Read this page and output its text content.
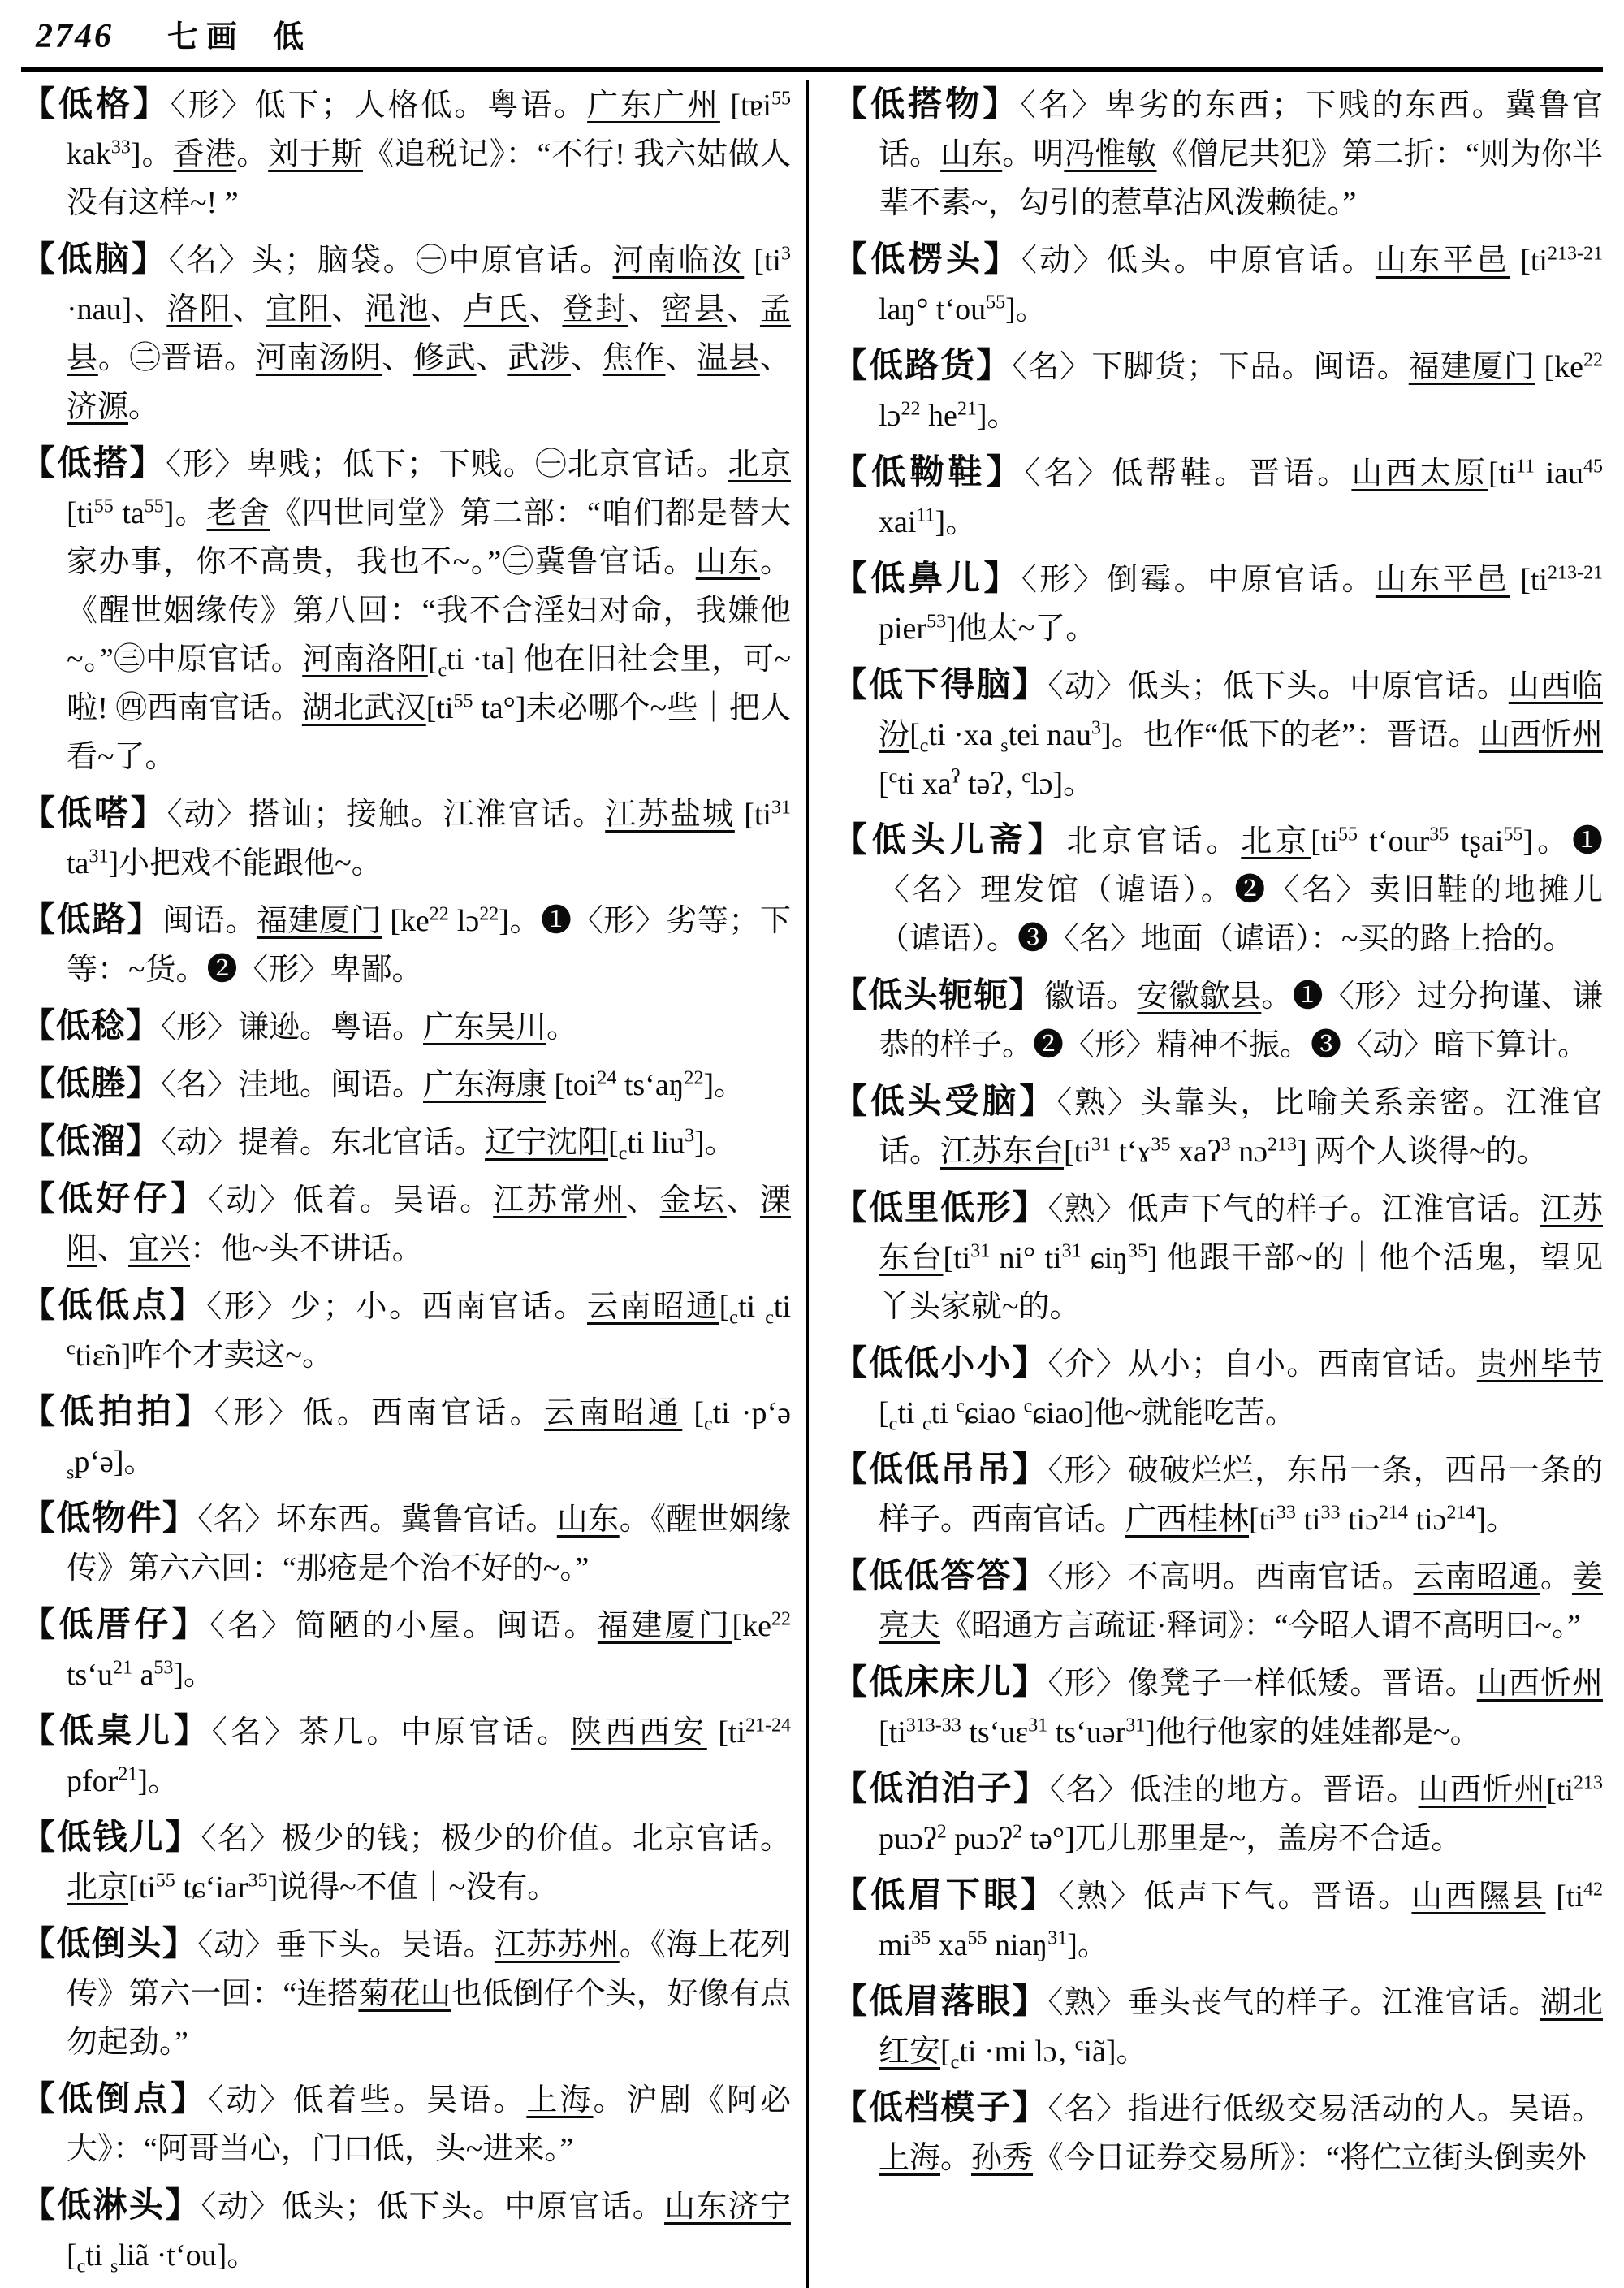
2746 七画 低

【低格】〈形〉低下；人格低。粤语。广东广州 [tɐi$^{55}$ kak$^{33}$]。香港。刘于斯《追税记》：“不行! 我六姑做人没有这样~! ”

【低脑】〈名〉头；脑袋。㊀中原官话。河南临汝 $[ti^3 \cdot nau]$、洛阳、宜阳、渑池、卢氏、登封、密县、孟县。㊁晋语。河南汤阴、修武、武涉、焦作、温县、济源。

【低搭】〈形〉卑贱；低下；下贱。㊀北京官话。北京 [$ti^{55}$ $ta^{55}$]。老舍《四世同堂》第二部：“咱们都是替大家办事，你不高贵，我也不~。”㊁冀鲁官话。山东。《醒世姻缘传》第八回：“我不合淫妇对命，我嫌他~。”㊂中原官话。河南洛阳$[_cti \cdot ta]$ 他在旧社会里，可~啦! ㊃西南官话。湖北武汉[$ti^{55}$ ta°]未必哪个~些｜把人看~了。

【低嗒】〈动〉搭讪；接触。江淮官话。江苏盐城 [$ti^{31}$ $ta^{31}$]小把戏不能跟他~。

【低路】闽语。福建厦门 [$ke^{22}$ lɔ$^{22}$]。❶〈形〉劣等；下等：~货。❷〈形〉卑鄙。

【低稔】〈形〉谦逊。粤语。广东吴川。

【低塍】〈名〉洼地。闽语。广东海康 [toi$^{24}$ $ts‘aŋ^{22}$]。

【低溜】〈动〉提着。东北官话。辽宁沈阳[$_cti$ liu$^3$]。

【低好仔】〈动〉低着。吴语。江苏常州、金坛、溧阳、宜兴：他~头不讲话。

【低低点】〈形〉少；小。西南官话。云南昭通[$_cti$ $_c$ti $^c$tiɛ̃n]咋个才卖这~。

【低拍拍】〈形〉低。西南官话。云南昭通 [$_cti$ ·p‘ə $_s$p‘ə]。

【低物件】〈名〉坏东西。冀鲁官话。山东。《醒世姻缘传》第六六回：“那疮是个治不好的~。”

【低厝仔】〈名〉简陋的小屋。闽语。福建厦门[$ke^{22}$ $ts‘u^{21}$ $a^{53}$]。

【低桌儿】〈名〉茶几。中原官话。陕西西安 [$ti^{21-24}$ pfor$^{21}$]。

【低钱儿】〈名〉极少的钱；极少的价值。北京官话。北京[$ti^{55}$ tɕ‘iar$^{35}$]说得~不值｜~没有。

【低倒头】〈动〉垂下头。吴语。江苏苏州。《海上花列传》第六一回：“连搭菊花山也低倒仔个头，好像有点勿起劲。”

【低倒点】〈动〉低着些。吴语。上海。沪剧《阿必大》：“阿哥当心，门口低，头~进来。”

【低淋头】〈动〉低头；低下头。中原官话。山东济宁 [$_cti$ $_s$liã ·t‘ou]。

【低搭物】〈名〉卑劣的东西；下贱的东西。冀鲁官话。山东。明冯惟敏《僧尼共犯》第二折：“则为你半辈不素~，勾引的惹草沾风泼赖徒。”

【低楞头】〈动〉低头。中原官话。山东平邑 [$ti^{213-21}$ laŋ° $t‘ou^{55}$]。

【低路货】〈名〉下脚货；下品。闽语。福建厦门 [$ke^{22}$ lɔ$^{22}$ $he^{21}$]。

【低靿鞋】〈名〉低帮鞋。晋语。山西太原[$ti^{11}$ iau$^{45}$ xai$^{11}$]。

【低鼻儿】〈形〉倒霉。中原官话。山东平邑 [$ti^{213-21}$ pier$^{53}$]他太~了。

【低下得脑】〈动〉低头；低下头。中原官话。山西临汾[$_cti \cdot xa$ $_s$tei nau$^3$]。也作“低下的老”：晋语。山西忻州[$^c$ti $xa^ʔ$ təʔ‚ $^c$lɔ]。

【低头儿斋】北京官话。北京[$ti^{55}$ t‘our$^{35}$ tʂai$^{55}$]。❶〈名〉理发馆（谑语）。❷〈名〉卖旧鞋的地摊儿（谑语）。❸〈名〉地面（谑语）：~买的路上拾的。

【低头轭轭】徽语。安徽歙县。❶〈形〉过分拘谨、谦恭的样子。❷〈形〉精神不振。❸〈动〉暗下算计。

【低头受脑】〈熟〉头靠头，比喻关系亲密。江淮官话。江苏东台[$ti^{31}$ t‘ɤ$^{35}$ xaʔ$^3$ nɔ$^{213}$] 两个人谈得~的。

【低里低形】〈熟〉低声下气的样子。江淮官话。江苏东台[$ti^{31}$ ni° $ti^{31}$ ɕiŋ$^{35}$] 他跟干部~的｜他个活鬼，望见丫头家就~的。

【低低小小】〈介〉从小；自小。西南官话。贵州毕节 [$_cti$ $_c$ti $^c$ɕiao $^c$ɕiao]他~就能吃苦。

【低低吊吊】〈形〉破破烂烂，东吊一条，西吊一条的样子。西南官话。广西桂林[$ti^{33}$ $ti^{33}$ tiɔ$^{214}$ tiɔ$^{214}$]。

【低低答答】〈形〉不高明。西南官话。云南昭通。姜亮夫《昭通方言疏证·释词》：“今昭人谓不高明曰~。”

【低床床儿】〈形〉像凳子一样低矮。晋语。山西忻州 [$ti^{313-33}$ ts‘uɛ$^{31}$ ts‘uər$^{31}$]他行他家的娃娃都是~。

【低泊泊子】〈名〉低洼的地方。晋语。山西忻州[$ti^{213}$ puɔʔ$^2$ puɔʔ$^2$ tə°]兀儿那里是~，盖房不合适。

【低眉下眼】〈熟〉低声下气。晋语。山西隰县 [$ti^{42}$ $mi^{35}$ $xa^{55}$ niaŋ$^{31}$]。

【低眉落眼】〈熟〉垂头丧气的样子。江淮官话。湖北红安[$_cti \cdot mi$ lɔ‚ $^c$iã]。

【低档模子】〈名〉指进行低级交易活动的人。吴语。上海。孙秀《今日证券交易所》：“将伫立街头倒卖外
